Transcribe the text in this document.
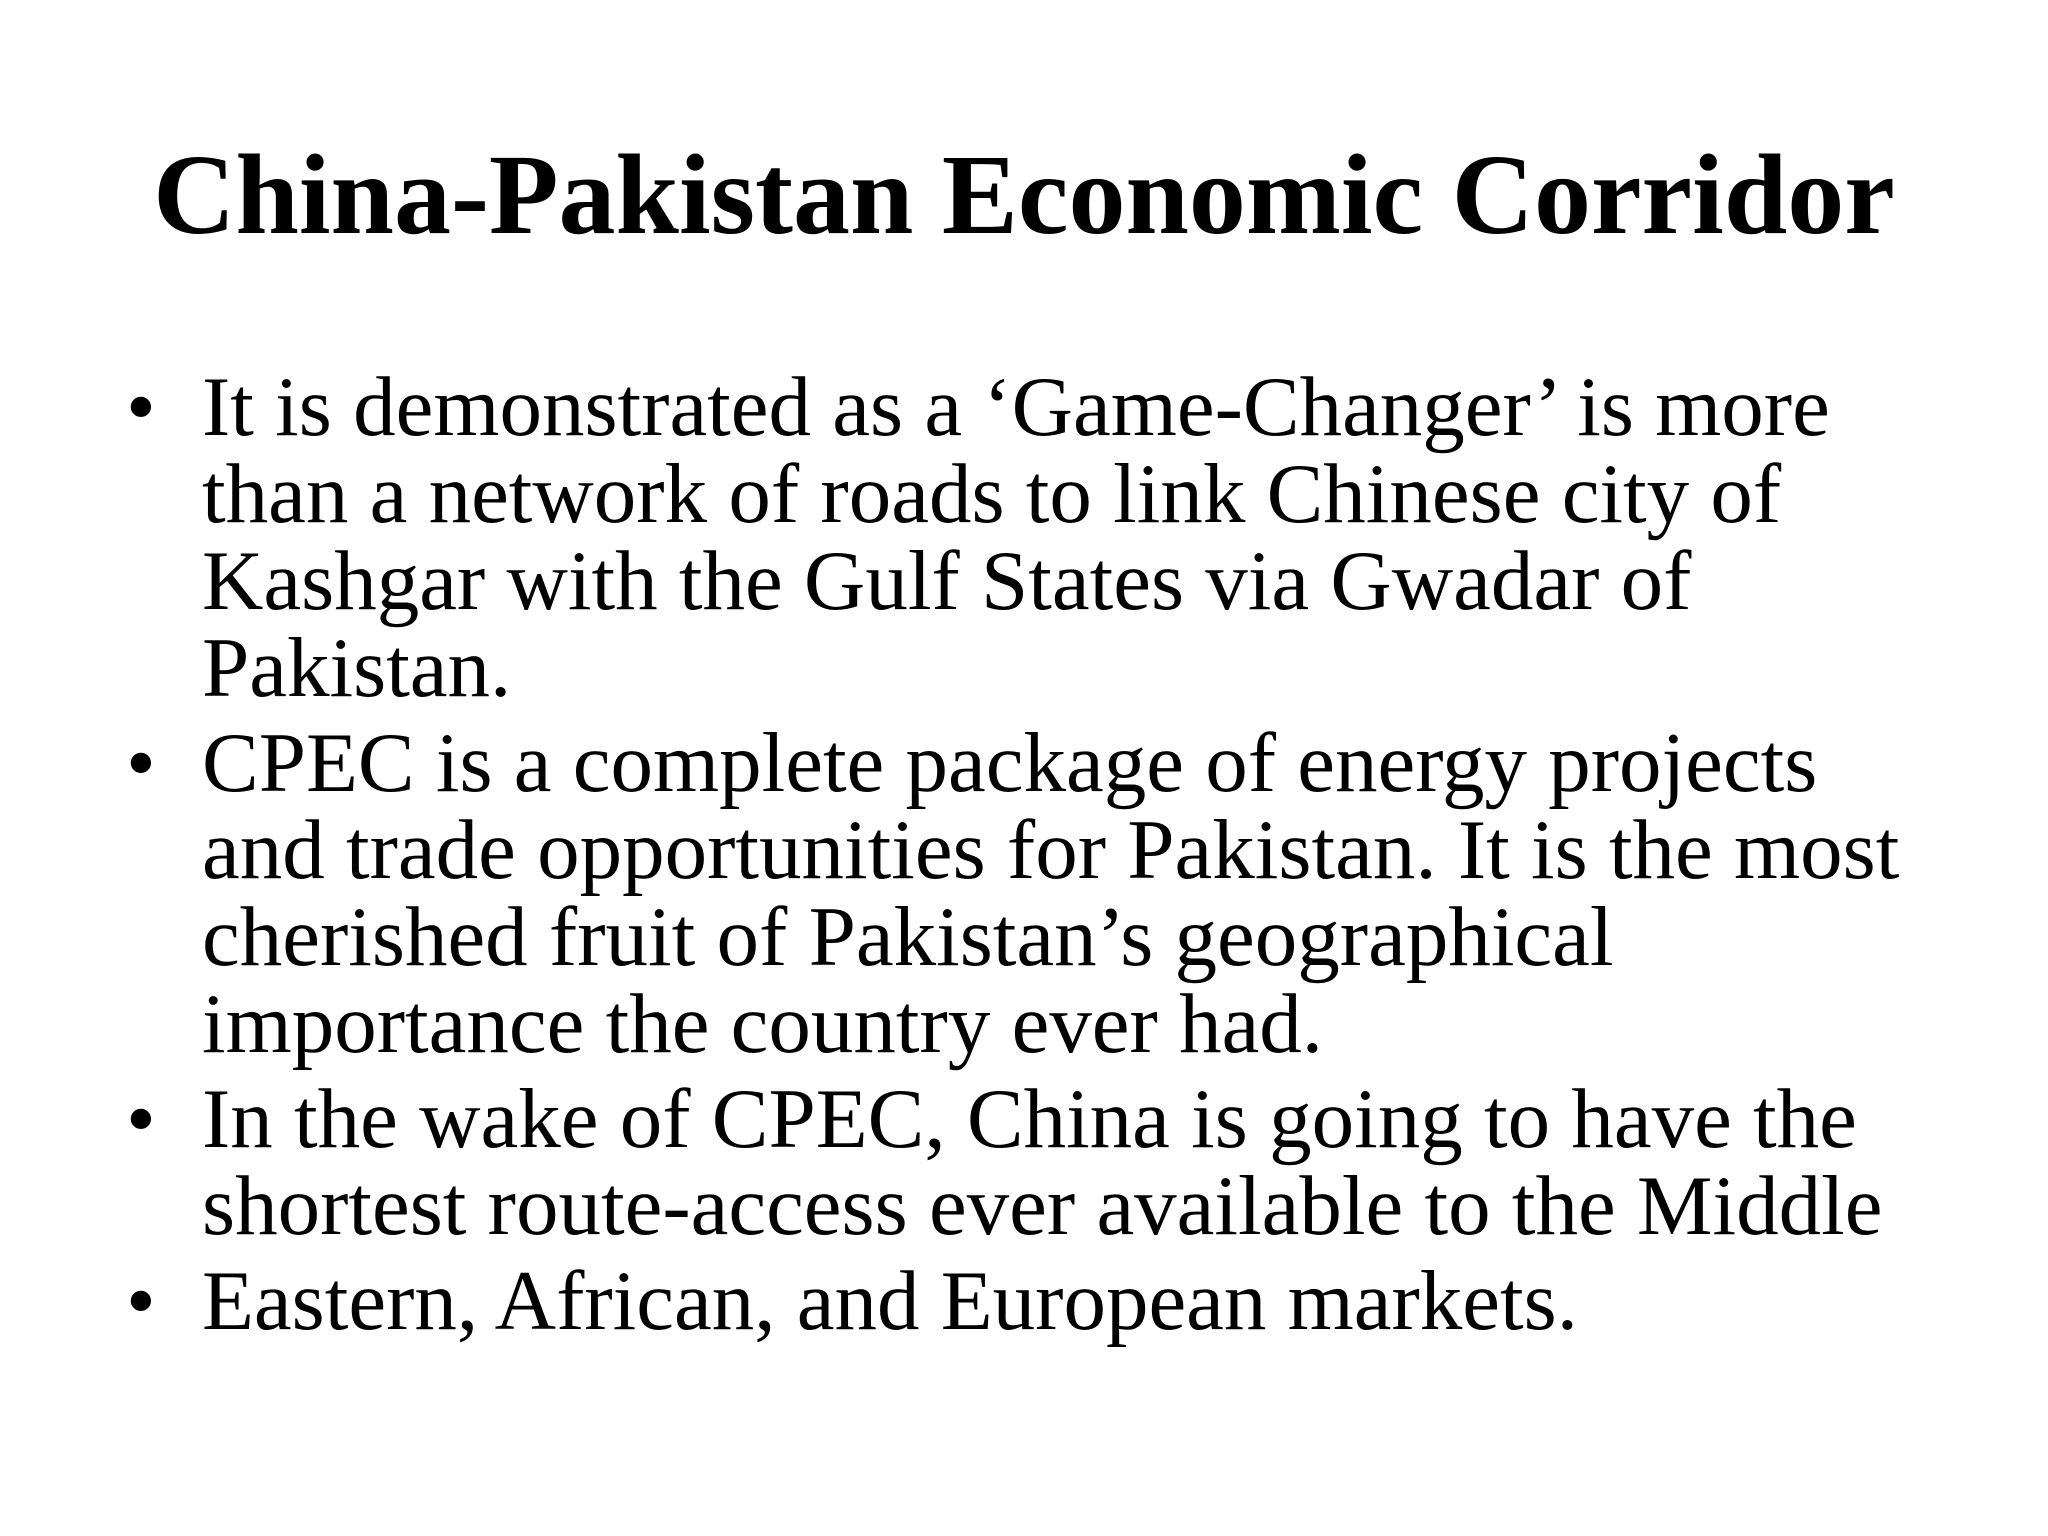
China-Pakistan Economic Corridor
• It is demonstrated as a ‘Game-Changer’ is more
than a network of roads to link Chinese city of
Kashgar with the Gulf States via Gwadar of
Pakistan.
• CPEC is a complete package of energy projects
and trade opportunities for Pakistan. It is the most
cherished fruit of Pakistan’s geographical
importance the country ever had.
• In the wake of CPEC, China is going to have the
shortest route-access ever available to the Middle
• Eastern, African, and European markets.
